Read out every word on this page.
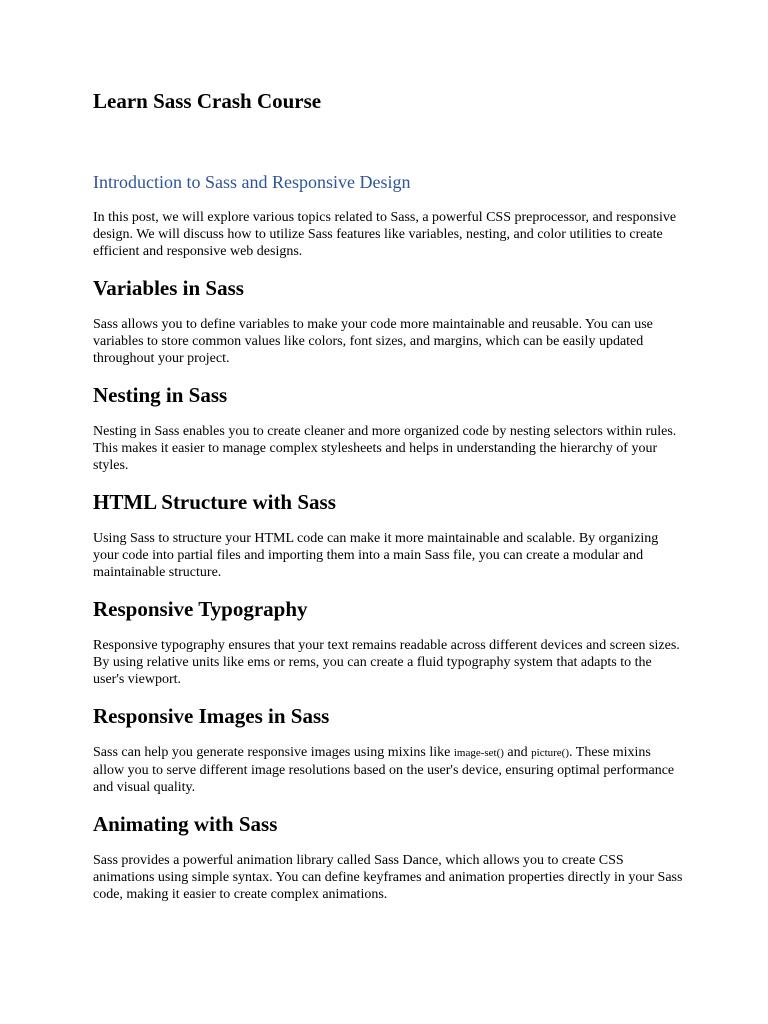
Learn Sass Crash Course
Introduction to Sass and Responsive Design

In this post, we will explore various topics related to Sass, a powerful CSS preprocessor, and responsive design. We will discuss how to utilize Sass features like variables, nesting, and color utilities to create efficient and responsive web designs.

Variables in Sass

Sass allows you to define variables to make your code more maintainable and reusable. You can use variables to store common values like colors, font sizes, and margins, which can be easily updated throughout your project.

Nesting in Sass

Nesting in Sass enables you to create cleaner and more organized code by nesting selectors within rules. This makes it easier to manage complex stylesheets and helps in understanding the hierarchy of your styles.

HTML Structure with Sass

Using Sass to structure your HTML code can make it more maintainable and scalable. By organizing your code into partial files and importing them into a main Sass file, you can create a modular and maintainable structure.

Responsive Typography

Responsive typography ensures that your text remains readable across different devices and screen sizes. By using relative units like ems or rems, you can create a fluid typography system that adapts to the user's viewport.

Responsive Images in Sass

Sass can help you generate responsive images using mixins like image-set() and picture(). These mixins allow you to serve different image resolutions based on the user's device, ensuring optimal performance and visual quality.

Animating with Sass

Sass provides a powerful animation library called Sass Dance, which allows you to create CSS animations using simple syntax. You can define keyframes and animation properties directly in your Sass code, making it easier to create complex animations.
